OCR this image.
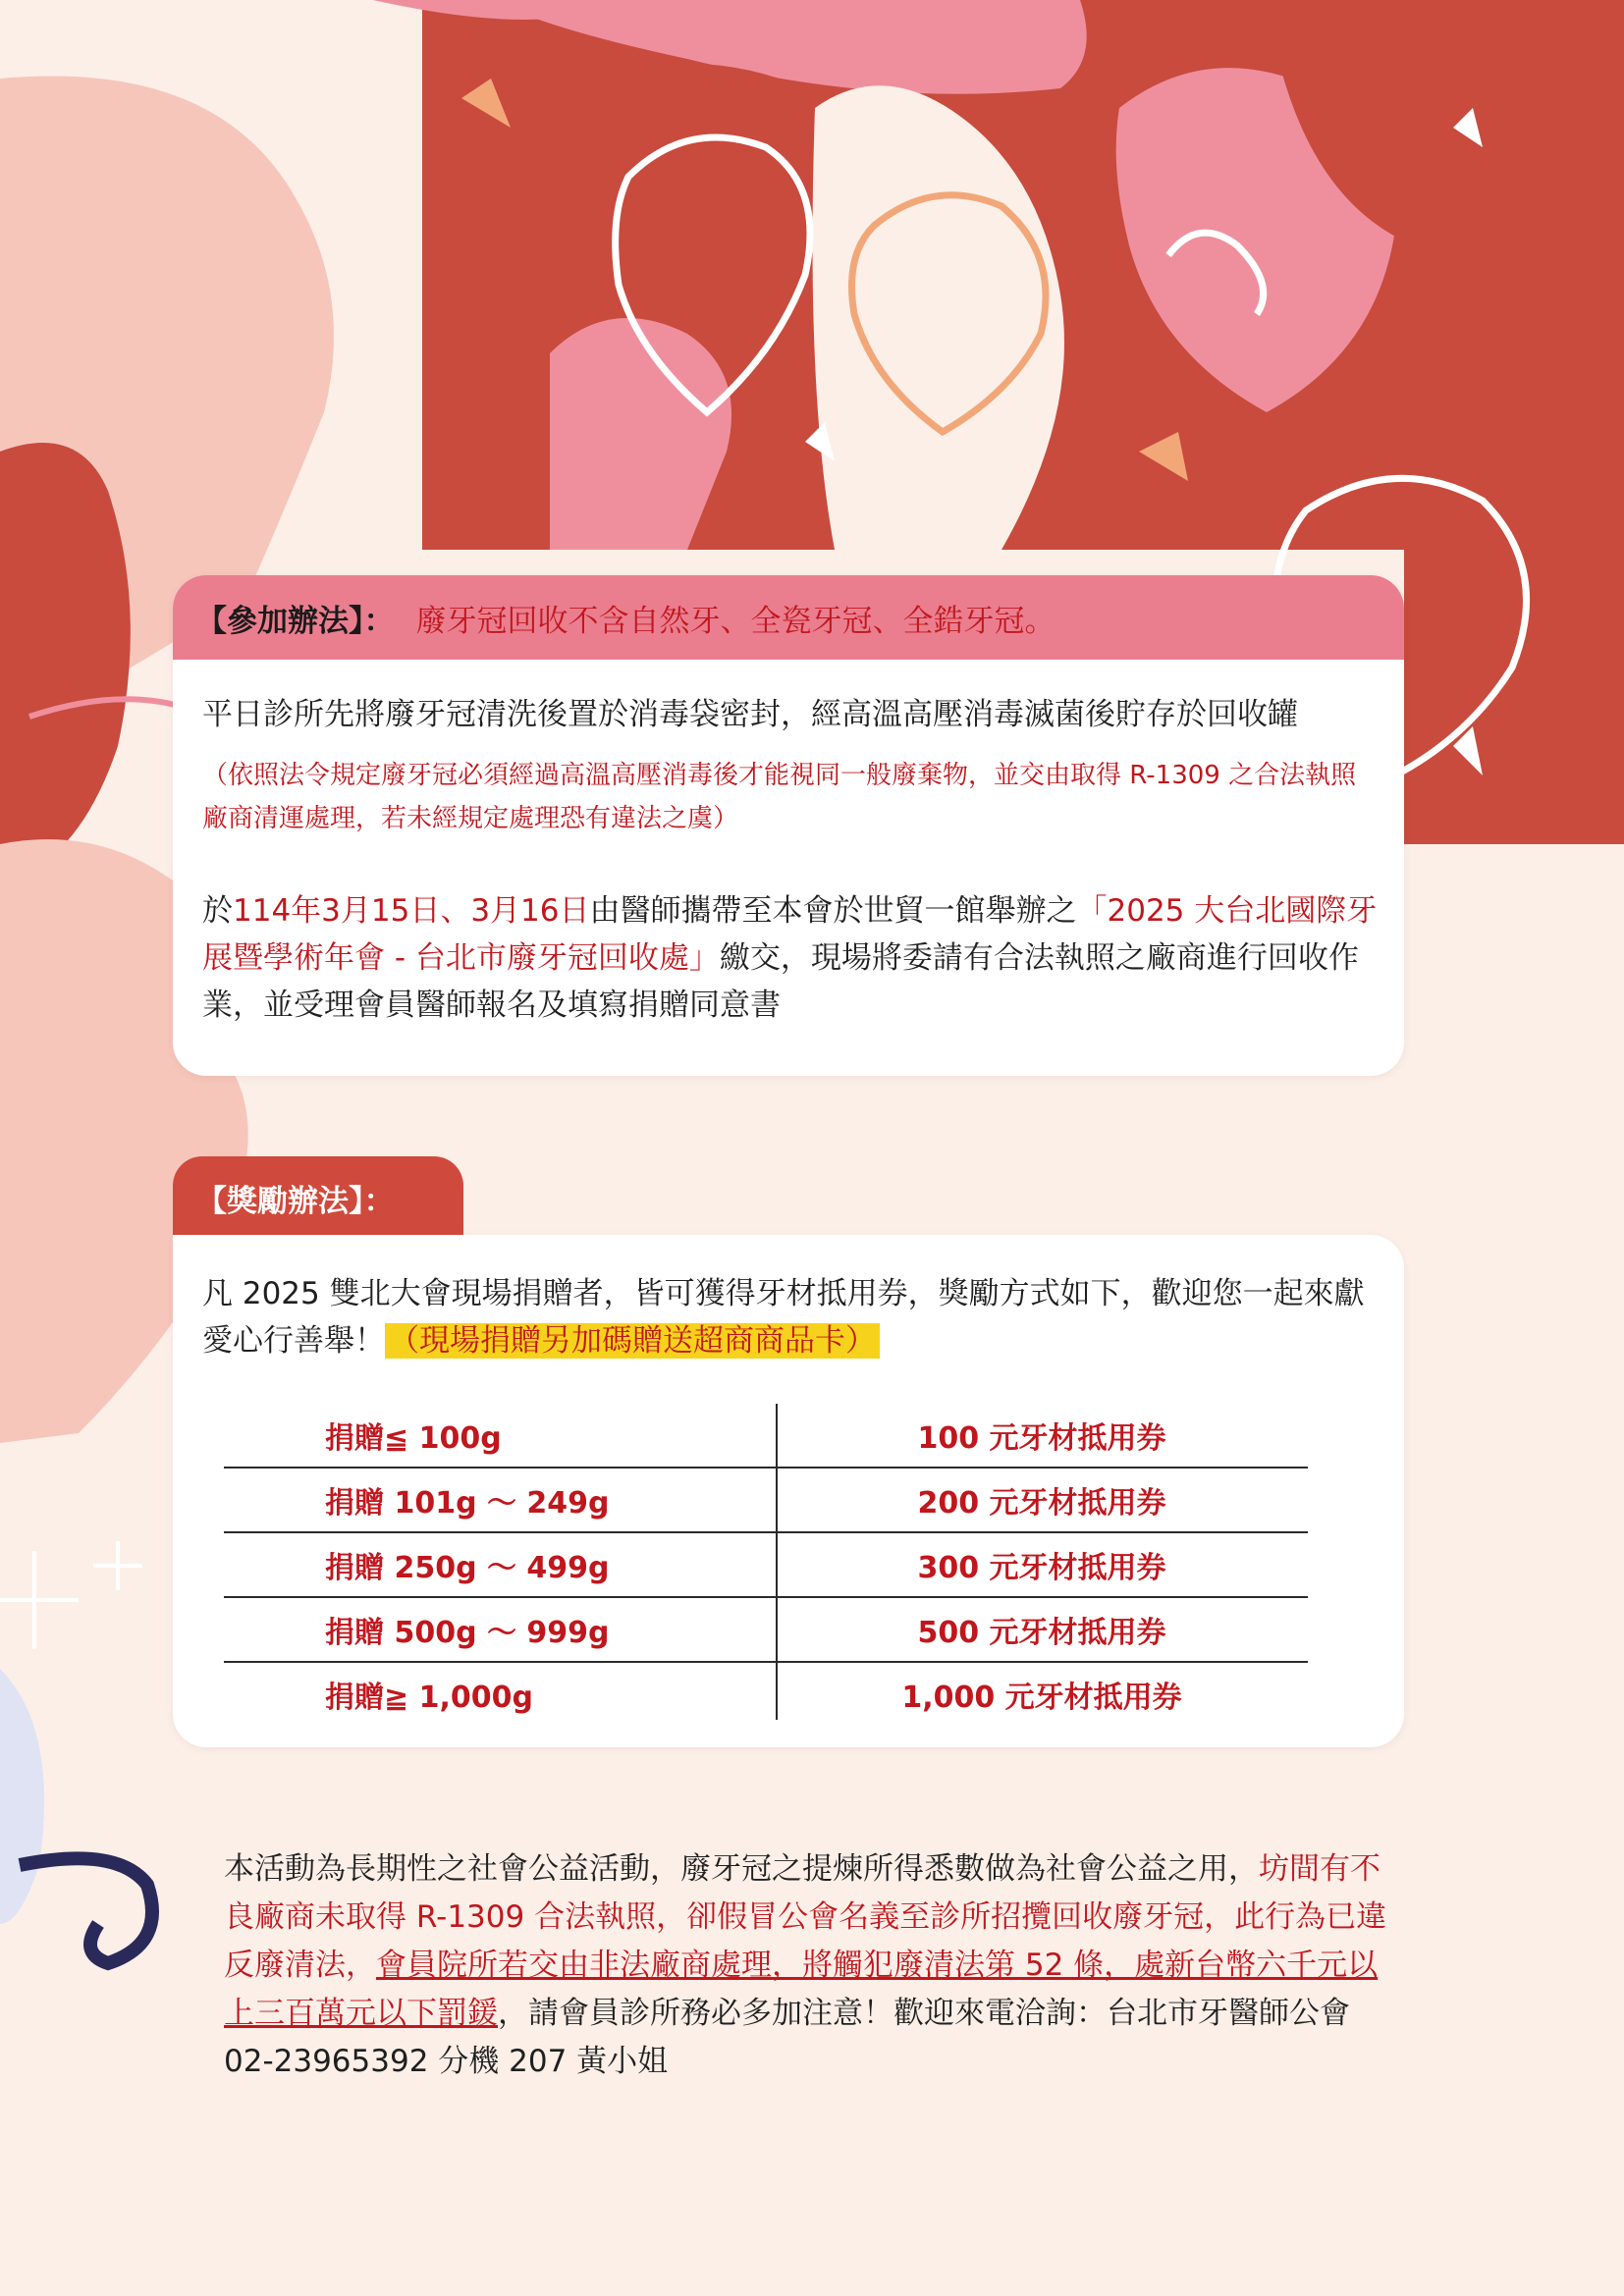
【參加辦法】： 廢牙冠回收不含自然牙、全瓷牙冠、全鋯牙冠。
平日診所先將廢牙冠清洗後置於消毒袋密封，經高溫高壓消毒滅菌後貯存於回收罐
（依照法令規定廢牙冠必須經過高溫高壓消毒後才能視同一般廢棄物，並交由取得 R-1309 之合法執照廠商清運處理，若未經規定處理恐有違法之虞）
於114年3月15日、3月16日由醫師攜帶至本會於世貿一館舉辦之「2025 大台北國際牙展暨學術年會 - 台北市廢牙冠回收處」繳交，現場將委請有合法執照之廠商進行回收作業，並受理會員醫師報名及填寫捐贈同意書
【獎勵辦法】：
凡 2025 雙北大會現場捐贈者，皆可獲得牙材抵用券，獎勵方式如下，歡迎您一起來獻愛心行善舉！ （現場捐贈另加碼贈送超商商品卡）
捐贈≦ 100g	100 元牙材抵用券
捐贈 101g ～ 249g	200 元牙材抵用券
捐贈 250g ～ 499g	300 元牙材抵用券
捐贈 500g ～ 999g	500 元牙材抵用券
捐贈≧ 1,000g	1,000 元牙材抵用券
本活動為長期性之社會公益活動，廢牙冠之提煉所得悉數做為社會公益之用，坊間有不良廠商未取得 R-1309 合法執照，卻假冒公會名義至診所招攬回收廢牙冠，此行為已違反廢清法，會員院所若交由非法廠商處理，將觸犯廢清法第 52 條，處新台幣六千元以上三百萬元以下罰鍰，請會員診所務必多加注意！歡迎來電洽詢：台北市牙醫師公會 02-23965392 分機 207 黃小姐
